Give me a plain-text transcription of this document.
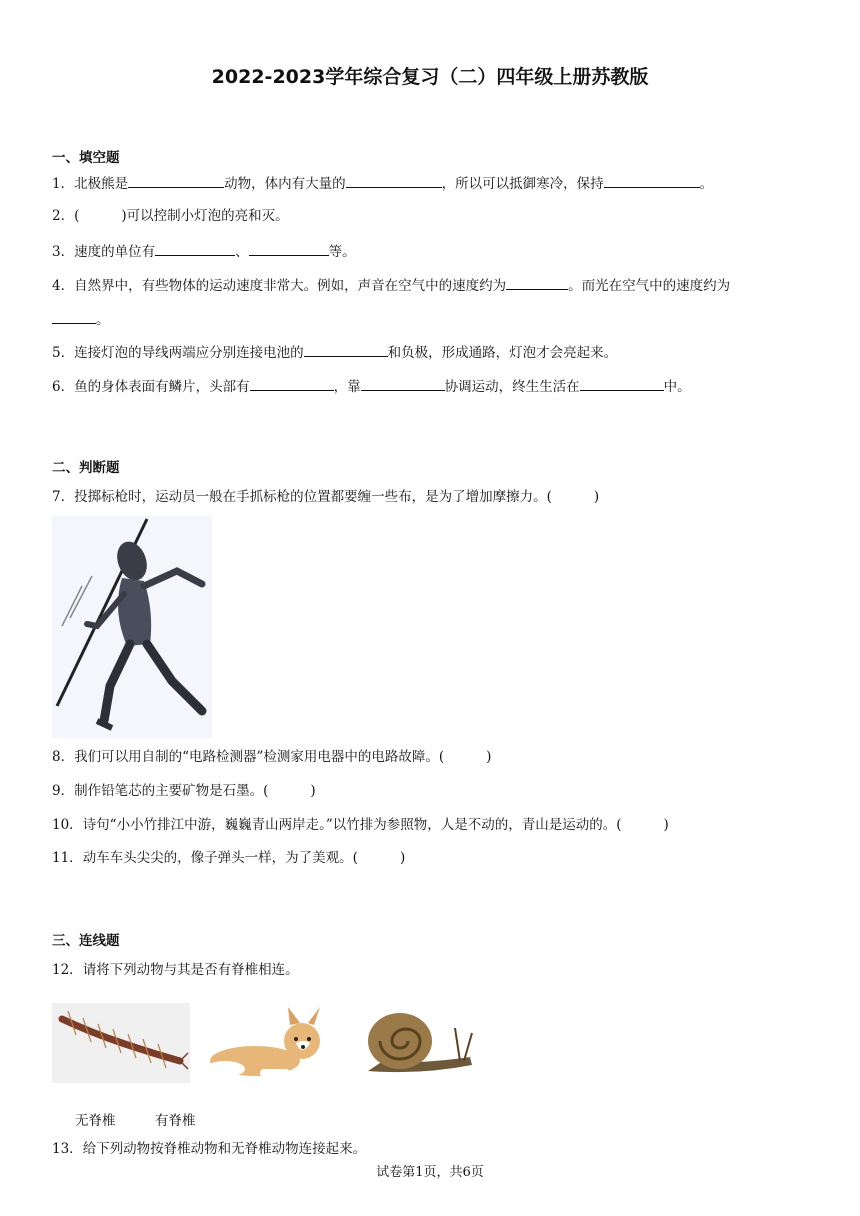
2022-2023学年综合复习（二）四年级上册苏教版
一、填空题
1．北极熊是	动物，体内有大量的	，所以可以抵御寒冷，保持	。
2．(	)可以控制小灯泡的亮和灭。
3．速度的单位有	、	等。
4．自然界中，有些物体的运动速度非常大。例如，声音在空气中的速度约为	。而光在空气中的速度约为
。
5．连接灯泡的导线两端应分别连接电池的	和负极，形成通路，灯泡才会亮起来。
6．鱼的身体表面有鳞片，头部有	，靠	协调运动，终生生活在	中。
二、判断题
7．投掷标枪时，运动员一般在手抓标枪的位置都要缠一些布，是为了增加摩擦力。(	)
8．我们可以用自制的“电路检测器”检测家用电器中的电路故障。(	)
9．制作铅笔芯的主要矿物是石墨。(	)
10．诗句“小小竹排江中游，巍巍青山两岸走。”以竹排为参照物，人是不动的，青山是运动的。(	)
11．动车车头尖尖的，像子弹头一样，为了美观。(	)
三、连线题
12．请将下列动物与其是否有脊椎相连。
无脊椎	有脊椎
13．给下列动物按脊椎动物和无脊椎动物连接起来。
试卷第1页，共6页
